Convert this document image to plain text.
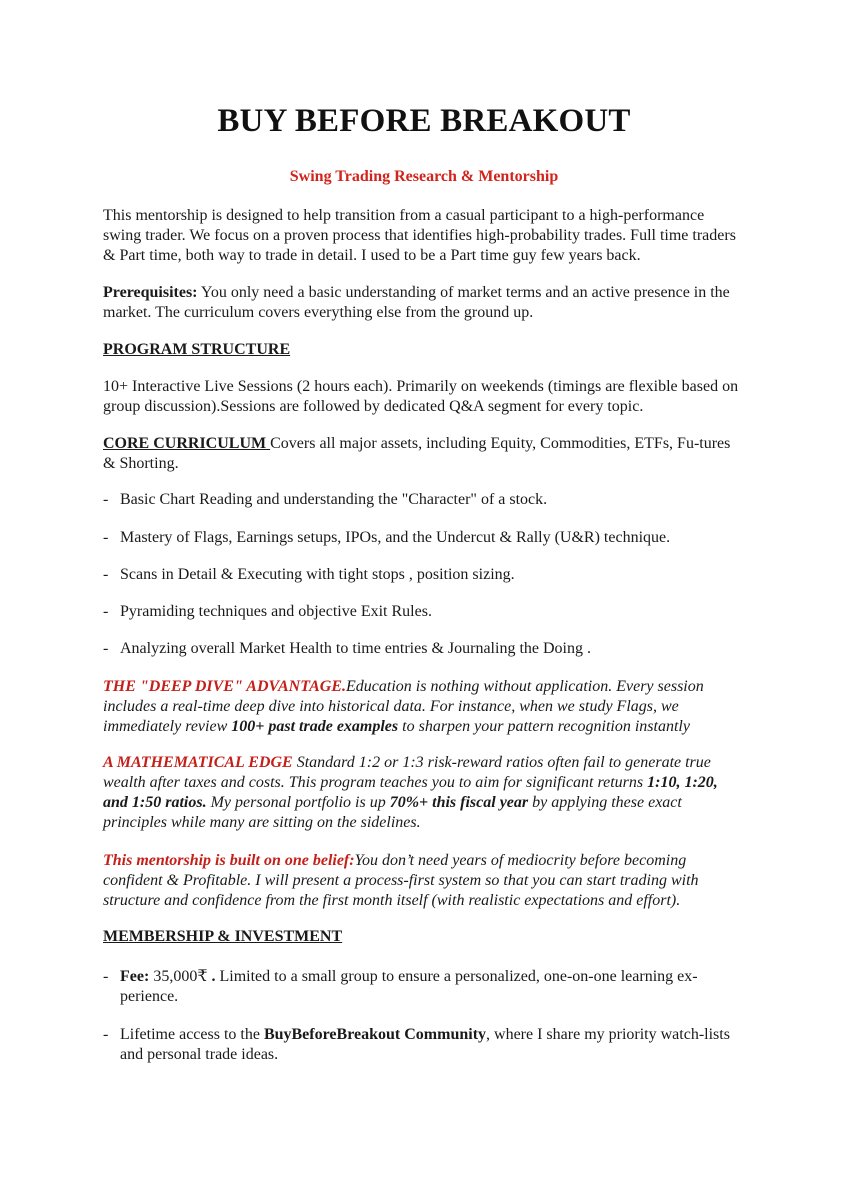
BUY BEFORE BREAKOUT
Swing Trading Research & Mentorship
This mentorship is designed to help transition from a casual participant to a high-performance swing trader. We focus on a proven process that identifies high-probability trades. Full time traders & Part time, both way to trade in detail. I used to be a Part time guy few years back.
Prerequisites: You only need a basic understanding of market terms and an active presence in the market. The curriculum covers everything else from the ground up.
PROGRAM STRUCTURE
10+ Interactive Live Sessions (2 hours each). Primarily on weekends (timings are flexible based on group discussion).Sessions are followed by dedicated Q&A segment for every topic.
CORE CURRICULUM Covers all major assets, including Equity, Commodities, ETFs, Fu-tures & Shorting.
- Basic Chart Reading and understanding the "Character" of a stock.
- Mastery of Flags, Earnings setups, IPOs, and the Undercut & Rally (U&R) technique.
- Scans in Detail & Executing with tight stops , position sizing.
- Pyramiding techniques and objective Exit Rules.
- Analyzing overall Market Health to time entries & Journaling the Doing .
THE "DEEP DIVE" ADVANTAGE.Education is nothing without application. Every session includes a real-time deep dive into historical data. For instance, when we study Flags, we immediately review 100+ past trade examples to sharpen your pattern recognition instantly
A MATHEMATICAL EDGE Standard 1:2 or 1:3 risk-reward ratios often fail to generate true wealth after taxes and costs. This program teaches you to aim for significant returns 1:10, 1:20, and 1:50 ratios. My personal portfolio is up 70%+ this fiscal year by applying these exact principles while many are sitting on the sidelines.
This mentorship is built on one belief:You don’t need years of mediocrity before becoming confident & Profitable. I will present a process-first system so that you can start trading with structure and confidence from the first month itself (with realistic expectations and effort).
MEMBERSHIP & INVESTMENT
- Fee: 35,000₹ . Limited to a small group to ensure a personalized, one-on-one learning ex-perience.
- Lifetime access to the BuyBeforeBreakout Community, where I share my priority watch-lists and personal trade ideas.
